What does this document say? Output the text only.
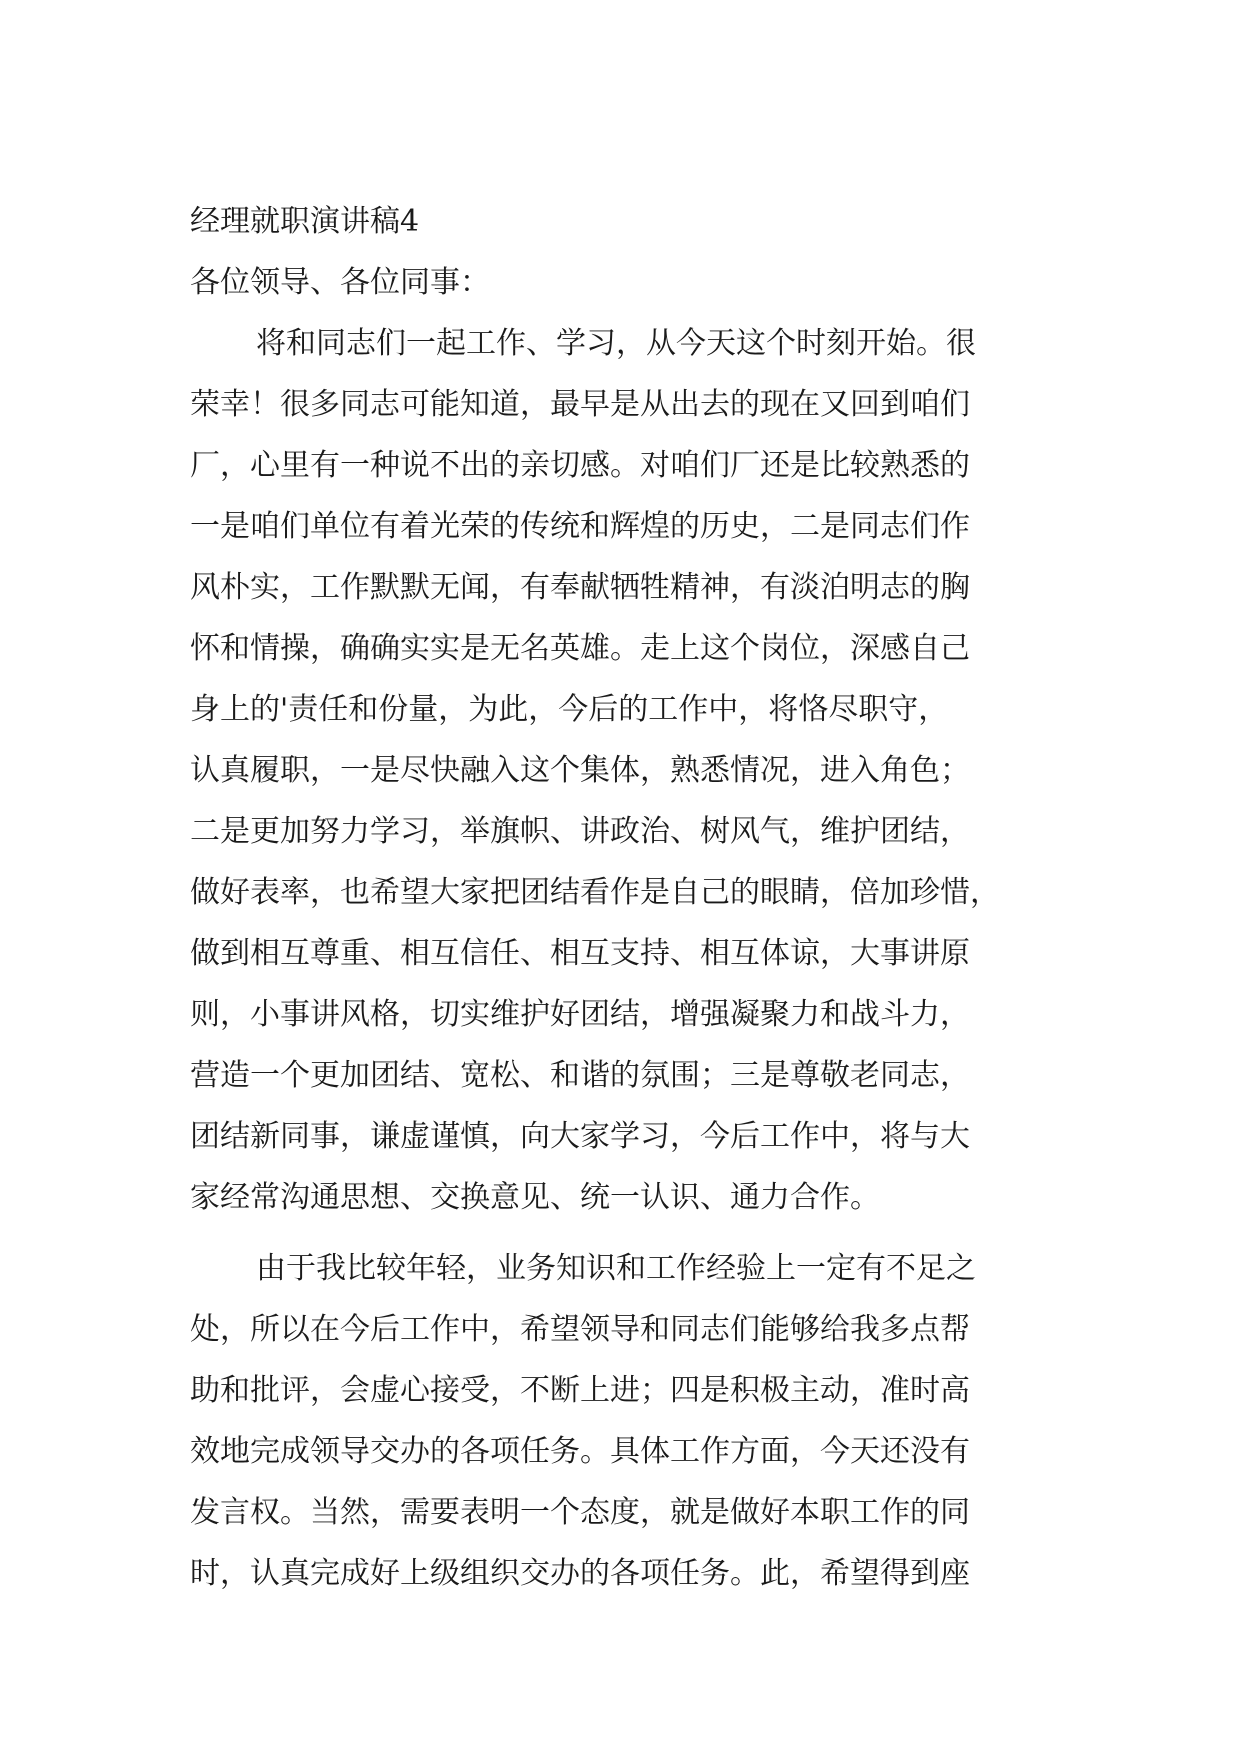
经理就职演讲稿4
各位领导、各位同事：
将和同志们一起工作、学习，从今天这个时刻开始。很
荣幸！很多同志可能知道，最早是从出去的现在又回到咱们
厂，心里有一种说不出的亲切感。对咱们厂还是比较熟悉的
一是咱们单位有着光荣的传统和辉煌的历史，二是同志们作
风朴实，工作默默无闻，有奉献牺牲精神，有淡泊明志的胸
怀和情操，确确实实是无名英雄。走上这个岗位，深感自己
身上的'责任和份量，为此，今后的工作中，将恪尽职守，
认真履职，一是尽快融入这个集体，熟悉情况，进入角色；
二是更加努力学习，举旗帜、讲政治、树风气，维护团结，
做好表率，也希望大家把团结看作是自己的眼睛，倍加珍惜，
做到相互尊重、相互信任、相互支持、相互体谅，大事讲原
则，小事讲风格，切实维护好团结，增强凝聚力和战斗力，
营造一个更加团结、宽松、和谐的氛围；三是尊敬老同志，
团结新同事，谦虚谨慎，向大家学习，今后工作中，将与大
家经常沟通思想、交换意见、统一认识、通力合作。
由于我比较年轻，业务知识和工作经验上一定有不足之
处，所以在今后工作中，希望领导和同志们能够给我多点帮
助和批评，会虚心接受，不断上进；四是积极主动，准时高
效地完成领导交办的各项任务。具体工作方面，今天还没有
发言权。当然，需要表明一个态度，就是做好本职工作的同
时，认真完成好上级组织交办的各项任务。此，希望得到座
